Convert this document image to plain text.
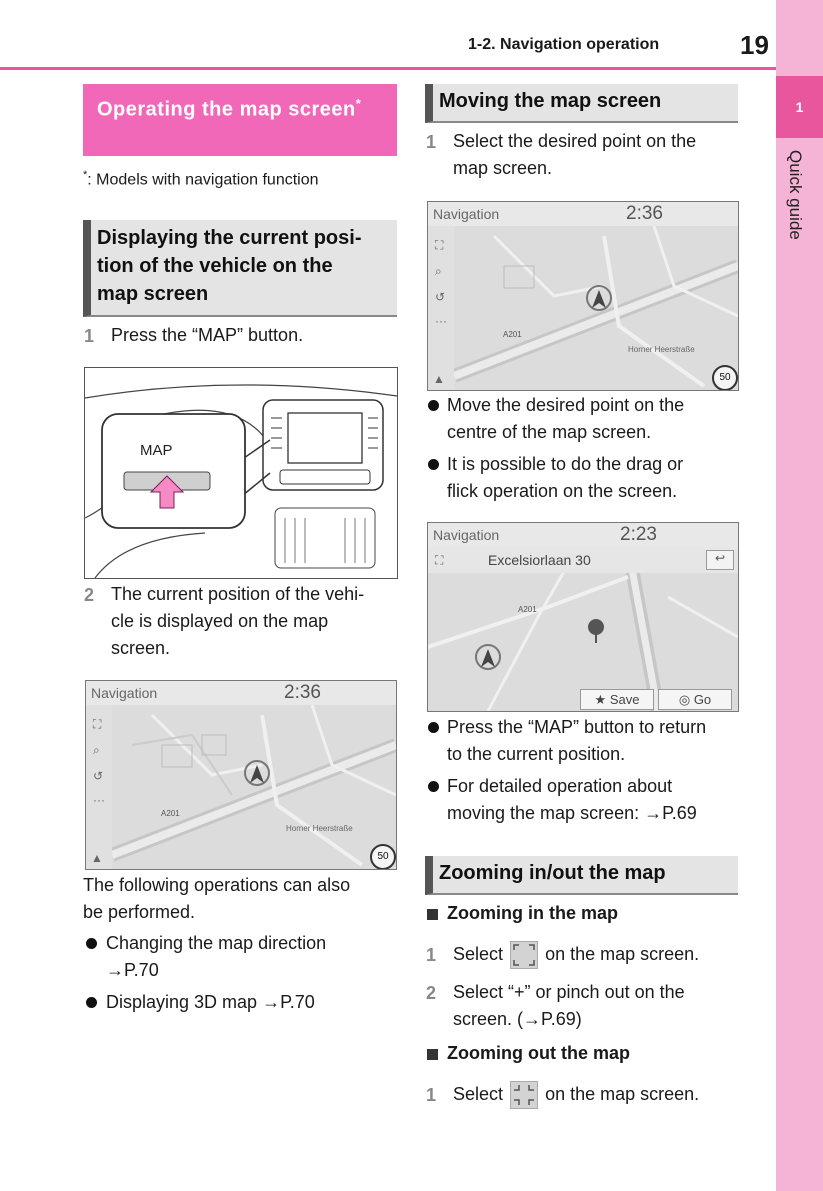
1-2. Navigation operation	19
1
Quick guide
Operating the map screen*
*: Models with navigation function
Displaying the current posi-
tion of the vehicle on the
map screen
1 Press the “MAP” button.
MAP
2 The current position of the vehi-
cle is displayed on the map
screen.
Navigation	2:36
⛶
⌕
↺
···
▲
A201
Horner Heerstraße
50
The following operations can also
be performed.
Changing the map direction
→P.70
Displaying 3D map →P.70
Moving the map screen
1 Select the desired point on the
map screen.
Navigation	2:36
⛶
⌕
↺
···
▲
A201
Horner Heerstraße
50
Move the desired point on the
centre of the map screen.
It is possible to do the drag or
flick operation on the screen.
Navigation	2:23
⛶	Excelsiorlaan 30	↩
A201
★ Save	◎ Go
Press the “MAP” button to return
to the current position.
For detailed operation about
moving the map screen: →P.69
Zooming in/out the map
Zooming in the map
1 Select on the map screen.
2 Select “+” or pinch out on the
screen. (→P.69)
Zooming out the map
1 Select on the map screen.
